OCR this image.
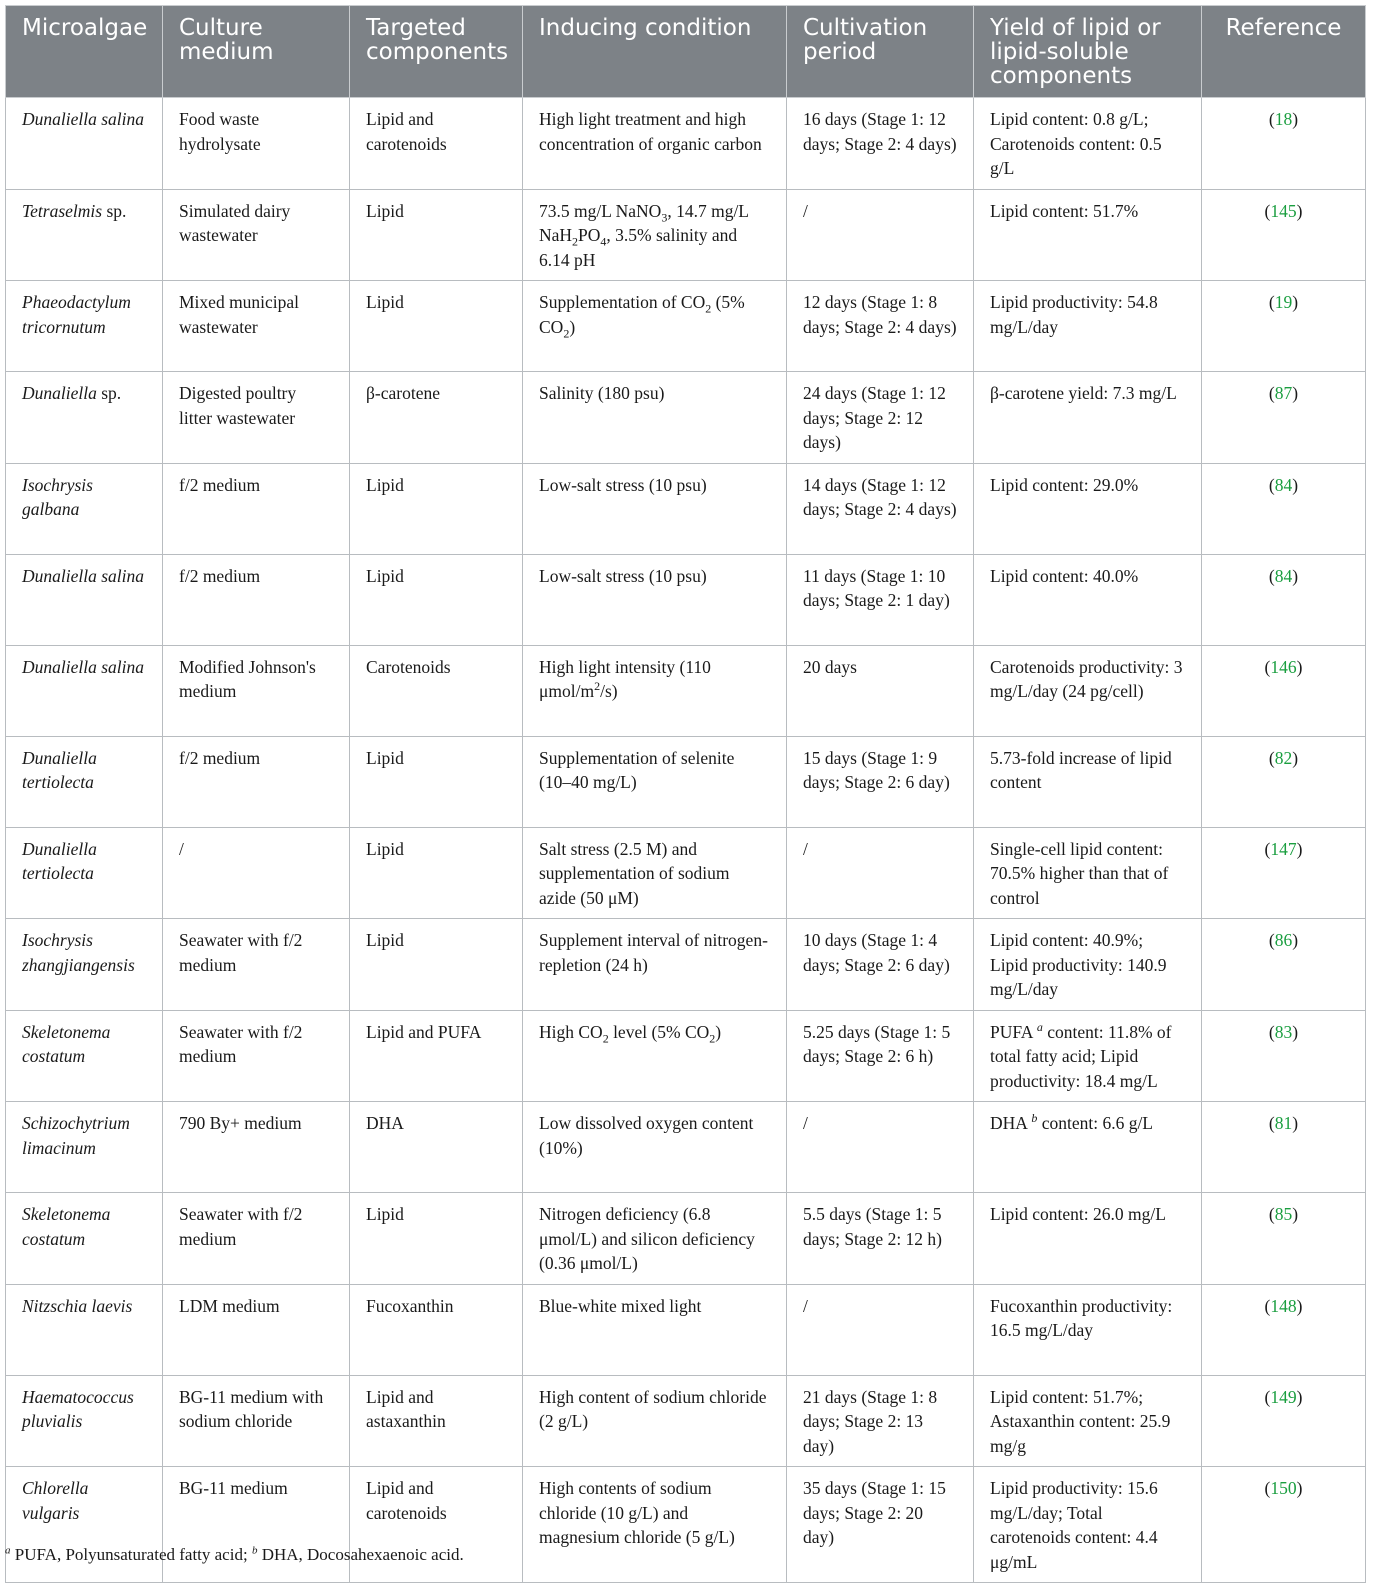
Microalgae	Culture medium	Targeted components	Inducing condition	Cultivation period	Yield of lipid or lipid-soluble components	Reference
Dunaliella salina	Food waste hydrolysate	Lipid and carotenoids	High light treatment and high concentration of organic carbon	16 days (Stage 1: 12 days; Stage 2: 4 days)	Lipid content: 0.8 g/L; Carotenoids content: 0.5 g/L	(18)
Tetraselmis sp.	Simulated dairy wastewater	Lipid	73.5 mg/L NaNO$_3$, 14.7 mg/L $NaH_2PO_4$, 3.5% salinity and 6.14 pH	/	Lipid content: 51.7%	(145)
Phaeodactylum tricornutum	Mixed municipal wastewater	Lipid	Supplementation of $CO_2$ (5% $CO_2$)	12 days (Stage 1: 8 days; Stage 2: 4 days)	Lipid productivity: 54.8 mg/L/day	(19)
Dunaliella sp.	Digested poultry litter wastewater	β-carotene	Salinity (180 psu)	24 days (Stage 1: 12 days; Stage 2: 12 days)	β-carotene yield: 7.3 mg/L	(87)
Isochrysis galbana	f/2 medium	Lipid	Low-salt stress (10 psu)	14 days (Stage 1: 12 days; Stage 2: 4 days)	Lipid content: 29.0%	(84)
Dunaliella salina	f/2 medium	Lipid	Low-salt stress (10 psu)	11 days (Stage 1: 10 days; Stage 2: 1 day)	Lipid content: 40.0%	(84)
Dunaliella salina	Modified Johnson's medium	Carotenoids	High light intensity (110 μmol/$m^2/s$)	20 days	Carotenoids productivity: 3 mg/L/day (24 pg/cell)	(146)
Dunaliella tertiolecta	f/2 medium	Lipid	Supplementation of selenite (10–40 mg/L)	15 days (Stage 1: 9 days; Stage 2: 6 day)	5.73-fold increase of lipid content	(82)
Dunaliella tertiolecta	/	Lipid	Salt stress (2.5 M) and supplementation of sodium azide (50 μM)	/	Single-cell lipid content: 70.5% higher than that of control	(147)
Isochrysis zhangjiangensis	Seawater with f/2 medium	Lipid	Supplement interval of nitrogen-repletion (24 h)	10 days (Stage 1: 4 days; Stage 2: 6 day)	Lipid content: 40.9%; Lipid productivity: 140.9 mg/L/day	(86)
Skeletonema costatum	Seawater with f/2 medium	Lipid and PUFA	High $CO_2$ level (5% $CO_2$)	5.25 days (Stage 1: 5 days; Stage 2: 6 h)	PUFA $^a$ content: 11.8% of total fatty acid; Lipid productivity: 18.4 mg/L	(83)
Schizochytrium limacinum	790 By+ medium	DHA	Low dissolved oxygen content (10%)	/	DHA $^b$ content: 6.6 g/L	(81)
Skeletonema costatum	Seawater with f/2 medium	Lipid	Nitrogen deficiency (6.8 μmol/L) and silicon deficiency (0.36 μmol/L)	5.5 days (Stage 1: 5 days; Stage 2: 12 h)	Lipid content: 26.0 mg/L	(85)
Nitzschia laevis	LDM medium	Fucoxanthin	Blue-white mixed light	/	Fucoxanthin productivity: 16.5 mg/L/day	(148)
Haematococcus pluvialis	BG-11 medium with sodium chloride	Lipid and astaxanthin	High content of sodium chloride (2 g/L)	21 days (Stage 1: 8 days; Stage 2: 13 day)	Lipid content: 51.7%; Astaxanthin content: 25.9 mg/g	(149)
Chlorella vulgaris	BG-11 medium	Lipid and carotenoids	High contents of sodium chloride (10 g/L) and magnesium chloride (5 g/L)	35 days (Stage 1: 15 days; Stage 2: 20 day)	Lipid productivity: 15.6 mg/L/day; Total carotenoids content: 4.4 μg/mL	(150)
$^a$ PUFA, Polyunsaturated fatty acid; $^b$ DHA, Docosahexaenoic acid.
